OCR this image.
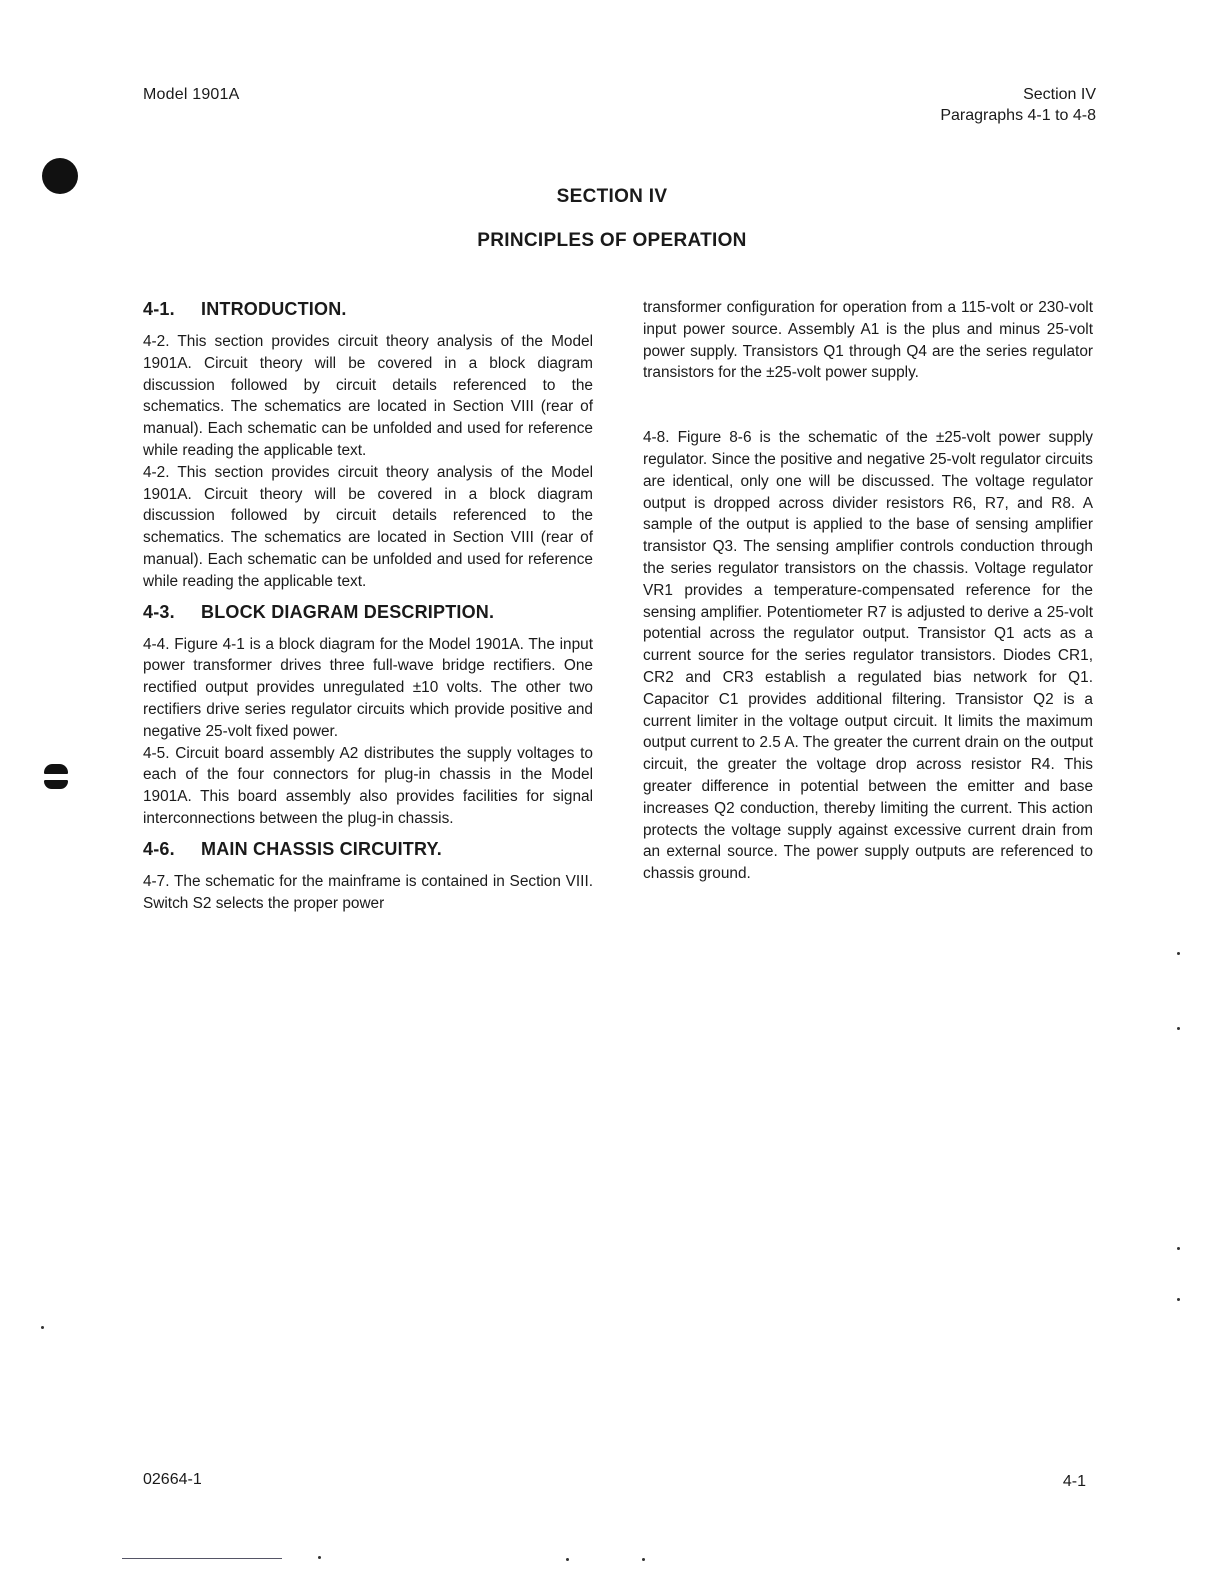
Model 1901A	Section IV
Paragraphs 4-1 to 4-8
SECTION IV
PRINCIPLES OF OPERATION
4-1. INTRODUCTION.

4-2. This section provides circuit theory analysis of the Model 1901A. Circuit theory will be covered in a block diagram discussion followed by circuit details referenced to the schematics. The schematics are located in Section VIII (rear of manual). Each schematic can be unfolded and used for reference while reading the applicable text.

4-2. This section provides circuit theory analysis of the Model 1901A. Circuit theory will be covered in a block diagram discussion followed by circuit details referenced to the schematics. The schematics are located in Section VIII (rear of manual). Each schematic can be unfolded and used for reference while reading the applicable text.

4-3. BLOCK DIAGRAM DESCRIPTION.

4-4. Figure 4-1 is a block diagram for the Model 1901A. The input power transformer drives three full-wave bridge rectifiers. One rectified output provides unregulated ±10 volts. The other two rectifiers drive series regulator circuits which provide positive and negative 25-volt fixed power.

4-5. Circuit board assembly A2 distributes the supply voltages to each of the four connectors for plug-in chassis in the Model 1901A. This board assembly also provides facilities for signal interconnections between the plug-in chassis.

4-6. MAIN CHASSIS CIRCUITRY.

4-7. The schematic for the mainframe is contained in Section VIII. Switch S2 selects the proper power

transformer configuration for operation from a 115-volt or 230-volt input power source. Assembly A1 is the plus and minus 25-volt power supply. Transistors Q1 through Q4 are the series regulator transistors for the ±25-volt power supply.

4-8. Figure 8-6 is the schematic of the ±25-volt power supply regulator. Since the positive and negative 25-volt regulator circuits are identical, only one will be discussed. The voltage regulator output is dropped across divider resistors R6, R7, and R8. A sample of the output is applied to the base of sensing amplifier transistor Q3. The sensing amplifier controls conduction through the series regulator transistors on the chassis. Voltage regulator VR1 provides a temperature-compensated reference for the sensing amplifier. Potentiometer R7 is adjusted to derive a 25-volt potential across the regulator output. Transistor Q1 acts as a current source for the series regulator transistors. Diodes CR1, CR2 and CR3 establish a regulated bias network for Q1. Capacitor C1 provides additional filtering. Transistor Q2 is a current limiter in the voltage output circuit. It limits the maximum output current to 2.5 A. The greater the current drain on the output circuit, the greater the voltage drop across resistor R4. This greater difference in potential between the emitter and base increases Q2 conduction, thereby limiting the current. This action protects the voltage supply against excessive current drain from an external source. The power supply outputs are referenced to chassis ground.

02664-1	4-1
